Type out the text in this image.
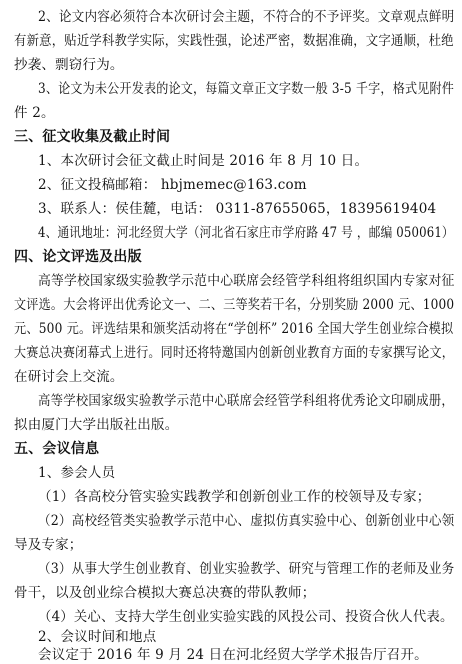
2、论文内容必须符合本次研讨会主题，不符合的不予评奖。文章观点鲜明
有新意，贴近学科教学实际，实践性强，论述严密，数据准确，文字通顺，杜绝
抄袭、剽窃行为。
3、论文为未公开发表的论文，每篇文章正文字数一般 3-5 千字，格式见附件
件 2。
三、征文收集及截止时间
1、本次研讨会征文截止时间是 2016 年 8 月 10 日。
2、征文投稿邮箱： hbjmemec@163.com
3、联系人：侯佳麓，电话： 0311-87655065，18395619404
4、通讯地址：河北经贸大学（河北省石家庄市学府路 47 号 ，邮编 050061）
四、论文评选及出版
高等学校国家级实验教学示范中心联席会经管学科组将组织国内专家对征
文评选。大会将评出优秀论文一、二、三等奖若干名，分别奖励 2000 元、1000
元、500 元。评选结果和颁奖活动将在“学创杯” 2016 全国大学生创业综合模拟
大赛总决赛闭幕式上进行。同时还将特邀国内创新创业教育方面的专家撰写论文，
在研讨会上交流。
高等学校国家级实验教学示范中心联席会经管学科组将优秀论文印刷成册，
拟由厦门大学出版社出版。
五、会议信息
1、参会人员
（1）各高校分管实验实践教学和创新创业工作的校领导及专家；
（2）高校经管类实验教学示范中心、虚拟仿真实验中心、创新创业中心领
导及专家；
（3）从事大学生创业教育、创业实验教学、研究与管理工作的老师及业务
骨干，以及创业综合模拟大赛总决赛的带队教师；
（4）关心、支持大学生创业实验实践的风投公司、投资合伙人代表。
2、会议时间和地点
会议定于 2016 年 9 月 24 日在河北经贸大学学术报告厅召开。
